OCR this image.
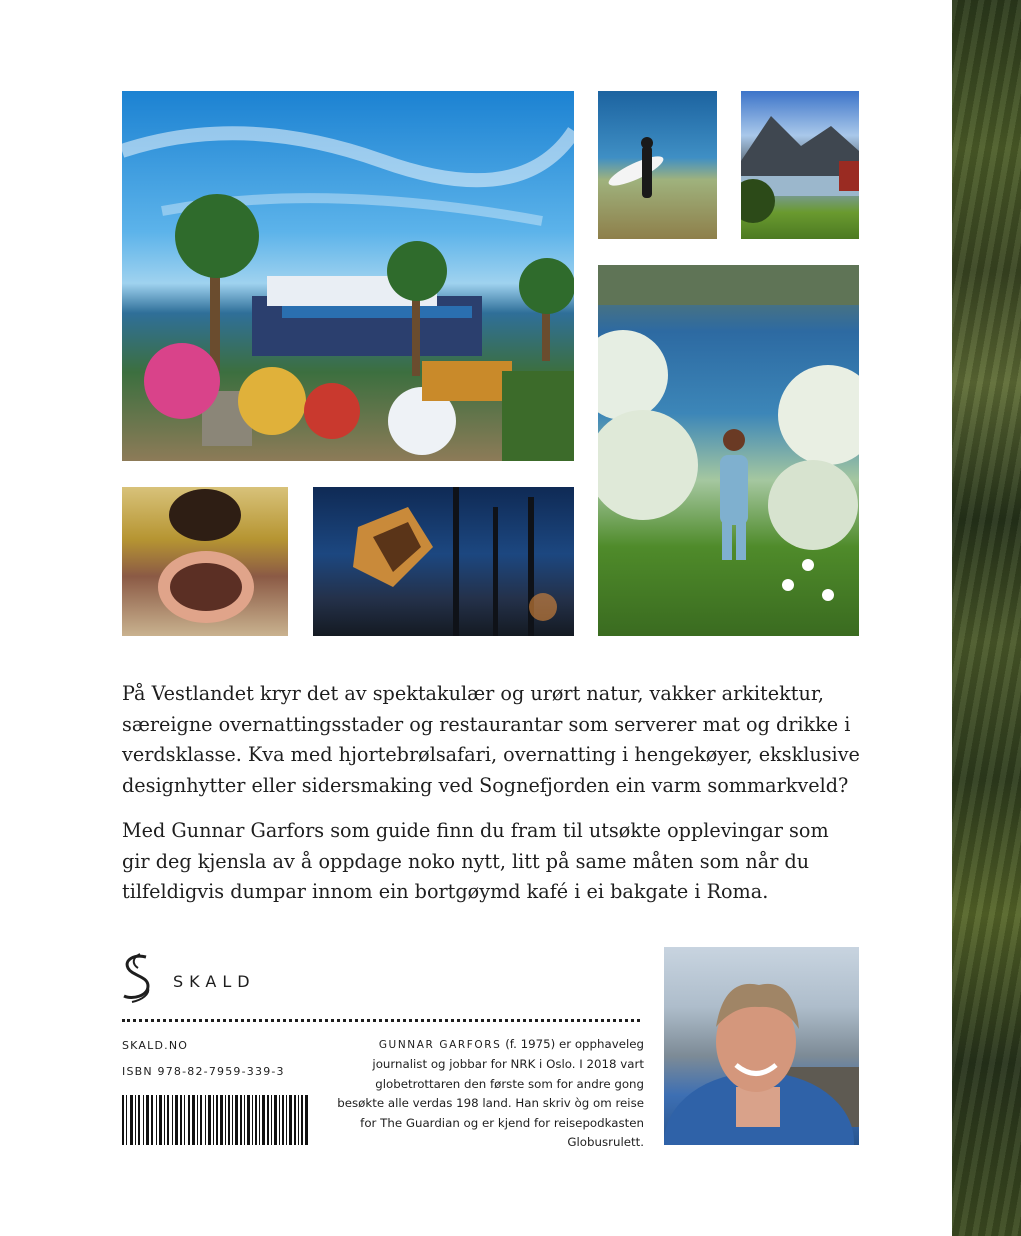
På Vestlandet kryr det av spektakulær og urørt natur, vakker arkitektur, særeigne overnattingsstader og restaurantar som serverer mat og drikke i verdsklasse. Kva med hjortebrølsafari, overnatting i hengekøyer, eksklusive designhytter eller sidersmaking ved Sognefjorden ein varm sommarkveld?

Med Gunnar Garfors som guide finn du fram til utsøkte opplevingar som gir deg kjensla av å oppdage noko nytt, litt på same måten som når du tilfeldigvis dumpar innom ein bortgøymd kafé i ei bakgate i Roma.

SKALD
SKALD.NO
ISBN 978-82-7959-339-3

GUNNAR GARFORS (f. 1975) er opphaveleg journalist og jobbar for NRK i Oslo. I 2018 vart globetrottaren den første som for andre gong besøkte alle verdas 198 land. Han skriv òg om reise for The Guardian og er kjend for reisepodkasten Globusrulett.
